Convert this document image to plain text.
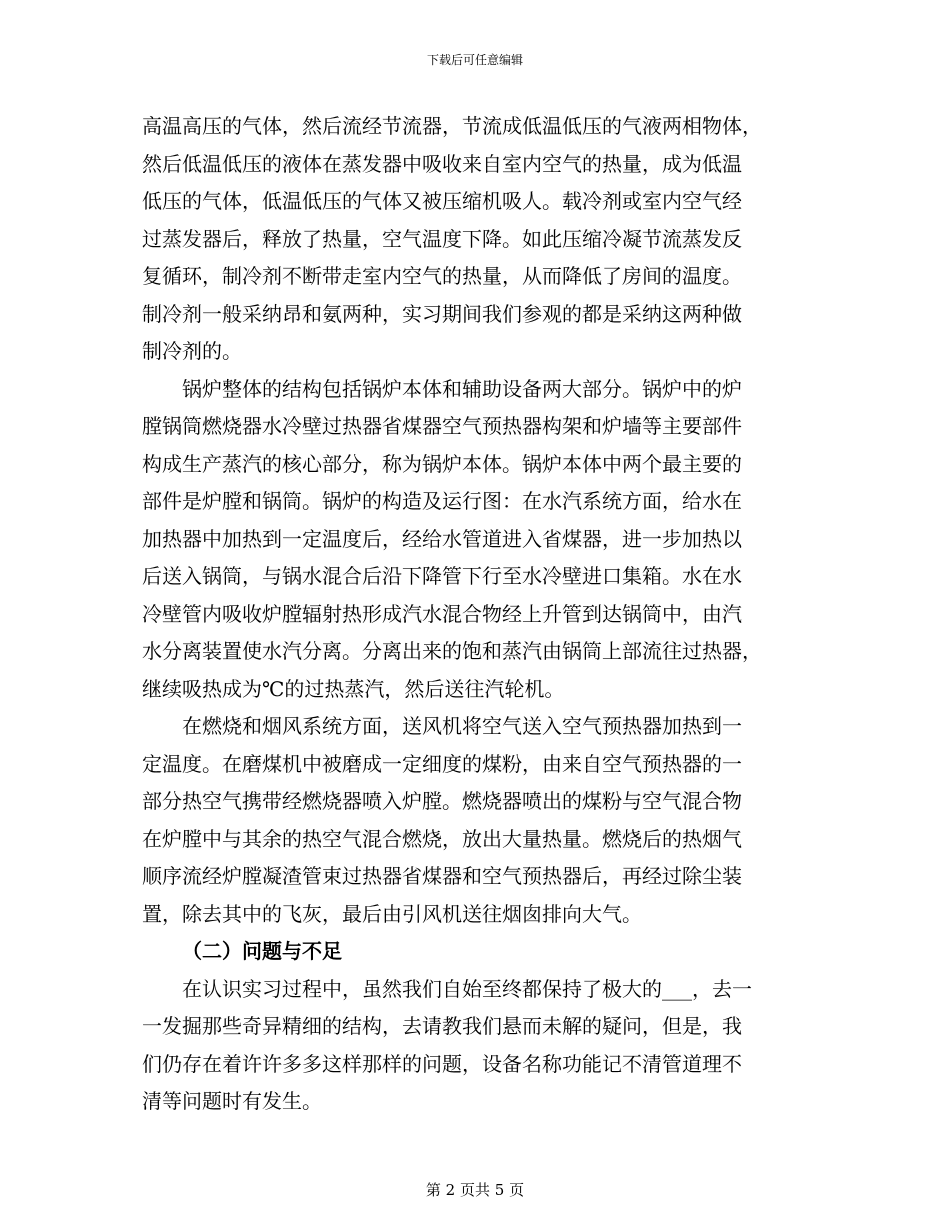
下载后可任意编辑
高温高压的气体，然后流经节流器，节流成低温低压的气液两相物体，
然后低温低压的液体在蒸发器中吸收来自室内空气的热量，成为低温
低压的气体，低温低压的气体又被压缩机吸人。载冷剂或室内空气经
过蒸发器后，释放了热量，空气温度下降。如此压缩冷凝节流蒸发反
复循环，制冷剂不断带走室内空气的热量，从而降低了房间的温度。
制冷剂一般采纳昂和氨两种，实习期间我们参观的都是采纳这两种做
制冷剂的。
锅炉整体的结构包括锅炉本体和辅助设备两大部分。锅炉中的炉
膛锅筒燃烧器水冷壁过热器省煤器空气预热器构架和炉墙等主要部件
构成生产蒸汽的核心部分，称为锅炉本体。锅炉本体中两个最主要的
部件是炉膛和锅筒。锅炉的构造及运行图：在水汽系统方面，给水在
加热器中加热到一定温度后，经给水管道进入省煤器，进一步加热以
后送入锅筒，与锅水混合后沿下降管下行至水冷壁进口集箱。水在水
冷壁管内吸收炉膛辐射热形成汽水混合物经上升管到达锅筒中，由汽
水分离装置使水汽分离。分离出来的饱和蒸汽由锅筒上部流往过热器，
继续吸热成为℃的过热蒸汽，然后送往汽轮机。
在燃烧和烟风系统方面，送风机将空气送入空气预热器加热到一
定温度。在磨煤机中被磨成一定细度的煤粉，由来自空气预热器的一
部分热空气携带经燃烧器喷入炉膛。燃烧器喷出的煤粉与空气混合物
在炉膛中与其余的热空气混合燃烧，放出大量热量。燃烧后的热烟气
顺序流经炉膛凝渣管束过热器省煤器和空气预热器后，再经过除尘装
置，除去其中的飞灰，最后由引风机送往烟囱排向大气。
（二）问题与不足
在认识实习过程中，虽然我们自始至终都保持了极大的___，去一
一发掘那些奇异精细的结构，去请教我们悬而未解的疑问，但是，我
们仍存在着许许多多这样那样的问题，设备名称功能记不清管道理不
清等问题时有发生。
第 2 页共 5 页
